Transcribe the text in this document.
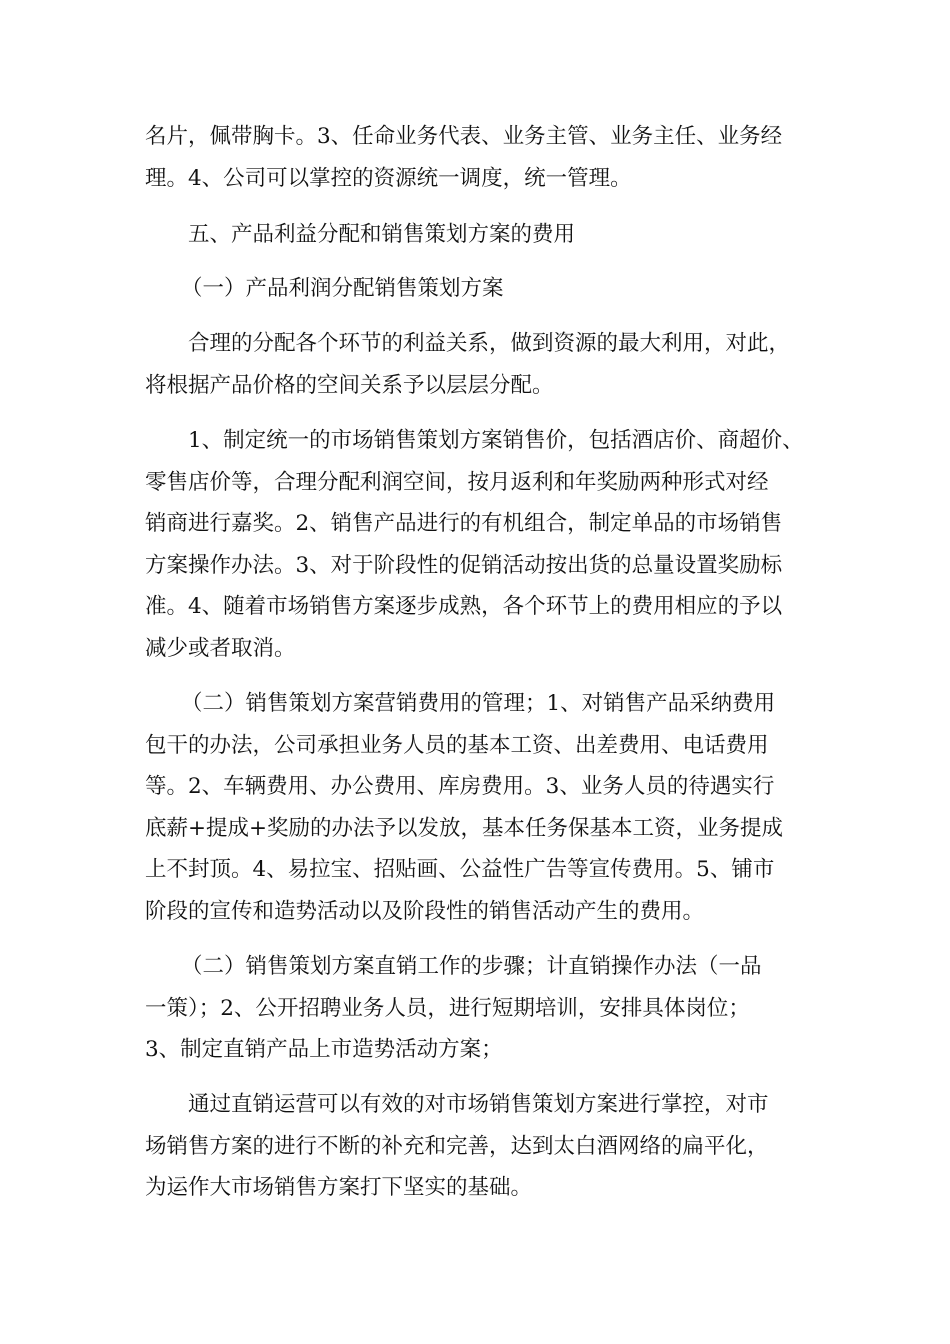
名片，佩带胸卡。3、任命业务代表、业务主管、业务主任、业务经
理。4、公司可以掌控的资源统一调度，统一管理。
五、产品利益分配和销售策划方案的费用
（一）产品利润分配销售策划方案
合理的分配各个环节的利益关系，做到资源的最大利用，对此，
将根据产品价格的空间关系予以层层分配。
1、制定统一的市场销售策划方案销售价，包括酒店价、商超价、
零售店价等，合理分配利润空间，按月返利和年奖励两种形式对经
销商进行嘉奖。2、销售产品进行的有机组合，制定单品的市场销售
方案操作办法。3、对于阶段性的促销活动按出货的总量设置奖励标
准。4、随着市场销售方案逐步成熟，各个环节上的费用相应的予以
减少或者取消。
（二）销售策划方案营销费用的管理；1、对销售产品采纳费用
包干的办法，公司承担业务人员的基本工资、出差费用、电话费用
等。2、车辆费用、办公费用、库房费用。3、业务人员的待遇实行
底薪+提成+奖励的办法予以发放，基本任务保基本工资，业务提成
上不封顶。4、易拉宝、招贴画、公益性广告等宣传费用。5、铺市
阶段的宣传和造势活动以及阶段性的销售活动产生的费用。
（二）销售策划方案直销工作的步骤；计直销操作办法（一品
一策）；2、公开招聘业务人员，进行短期培训，安排具体岗位；
3、制定直销产品上市造势活动方案；
通过直销运营可以有效的对市场销售策划方案进行掌控，对市
场销售方案的进行不断的补充和完善，达到太白酒网络的扁平化，
为运作大市场销售方案打下坚实的基础。
